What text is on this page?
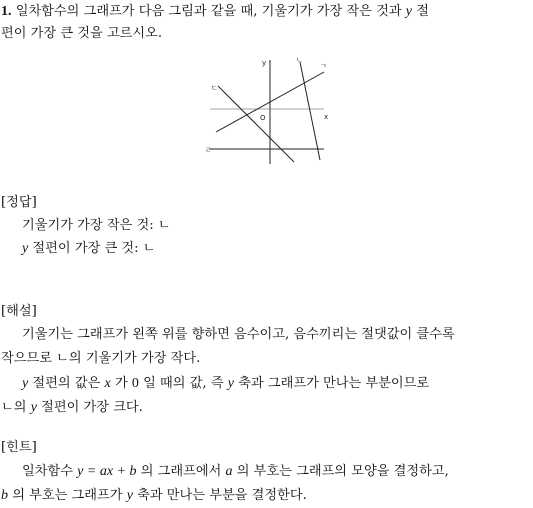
1. 일차함수의 그래프가 다음 그림과 같을 때, 기울기가 가장 작은 것과 y 절
편이 가장 큰 것을 고르시오.
y
x
O
ㄴ
ㄱ
ㄷ
ㄹ
[정답]
기울기가 가장 작은 것: ㄴ
y 절편이 가장 큰 것: ㄴ
[해설]
기울기는 그래프가 왼쪽 위를 향하면 음수이고, 음수끼리는 절댓값이 클수록
작으므로 ㄴ의 기울기가 가장 작다.
y 절편의 값은 x 가 0 일 때의 값, 즉 y 축과 그래프가 만나는 부분이므로
ㄴ의 y 절편이 가장 크다.
[힌트]
일차함수 y = ax + b 의 그래프에서 a 의 부호는 그래프의 모양을 결정하고,
b 의 부호는 그래프가 y 축과 만나는 부분을 결정한다.
